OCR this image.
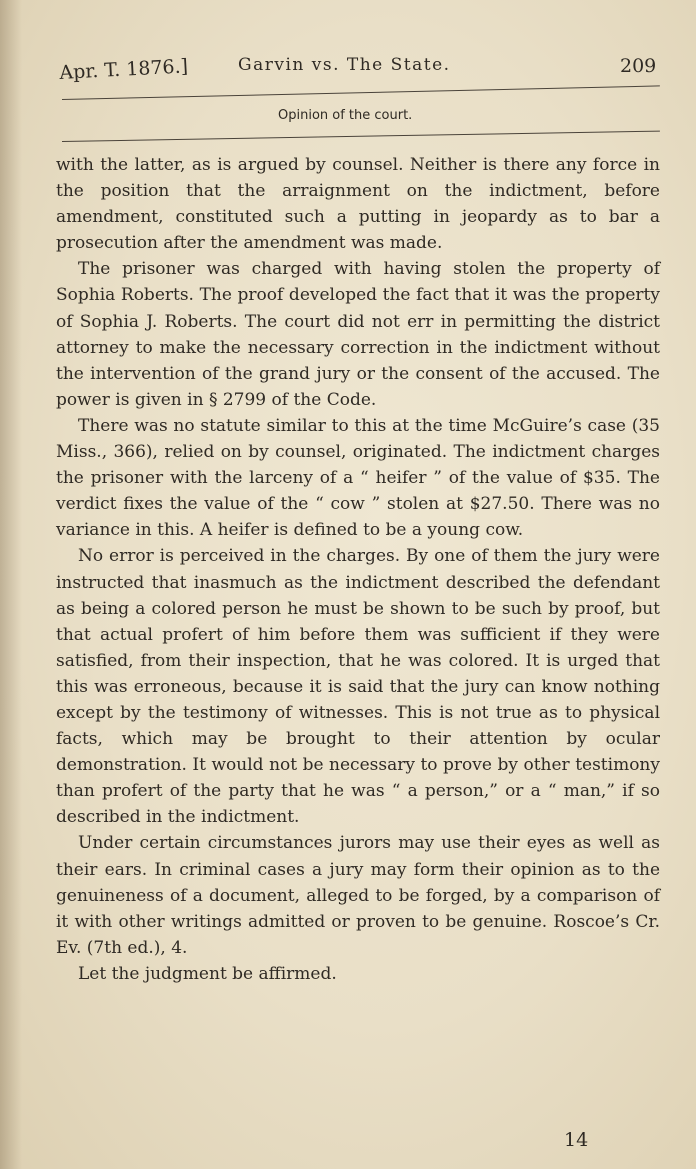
Apr. T. 1876.]	Garvin vs. The State.	209
Opinion of the court.

with the latter, as is argued by counsel. Neither is there any force in the position that the arraignment on the indictment, before amendment, constituted such a putting in jeopardy as to bar a prosecution after the amendment was made.

The prisoner was charged with having stolen the property of Sophia Roberts. The proof developed the fact that it was the property of Sophia J. Roberts. The court did not err in permitting the district attorney to make the necessary correction in the indictment without the intervention of the grand jury or the consent of the accused. The power is given in § 2799 of the Code.

There was no statute similar to this at the time McGuire’s case (35 Miss., 366), relied on by counsel, originated. The indictment charges the prisoner with the larceny of a “ heifer ” of the value of $35. The verdict fixes the value of the “ cow ” stolen at $27.50. There was no variance in this. A heifer is defined to be a young cow.

No error is perceived in the charges. By one of them the jury were instructed that inasmuch as the indictment described the defendant as being a colored person he must be shown to be such by proof, but that actual profert of him before them was sufficient if they were satisfied, from their inspection, that he was colored. It is urged that this was erroneous, because it is said that the jury can know nothing except by the testimony of witnesses. This is not true as to physical facts, which may be brought to their attention by ocular demonstration. It would not be necessary to prove by other testimony than profert of the party that he was “ a person,” or a “ man,” if so described in the indictment.

Under certain circumstances jurors may use their eyes as well as their ears. In criminal cases a jury may form their opinion as to the genuineness of a document, alleged to be forged, by a comparison of it with other writings admitted or proven to be genuine. Roscoe’s Cr. Ev. (7th ed.), 4.

Let the judgment be affirmed.

14
